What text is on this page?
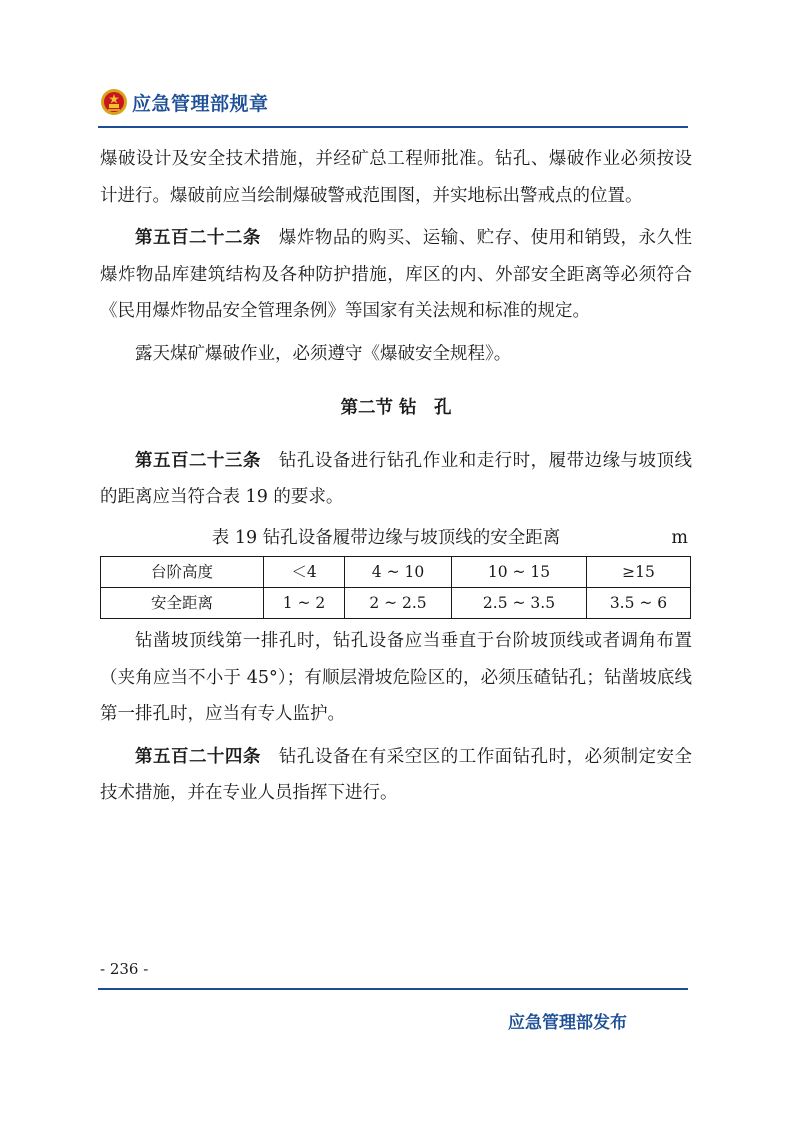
应急管理部规章

爆破设计及安全技术措施，并经矿总工程师批准。钻孔、爆破作业必须按设计进行。爆破前应当绘制爆破警戒范围图，并实地标出警戒点的位置。

第五百二十二条　 爆炸物品的购买、运输、贮存、使用和销毁，永久性爆炸物品库建筑结构及各种防护措施，库区的内、外部安全距离等必须符合《民用爆炸物品安全管理条例》等国家有关法规和标准的规定。

露天煤矿爆破作业，必须遵守《爆破安全规程》。

第二节 钻　孔

第五百二十三条　 钻孔设备进行钻孔作业和走行时，履带边缘与坡顶线的距离应当符合表 19 的要求。

表 19 钻孔设备履带边缘与坡顶线的安全距离	m
台阶高度	＜4	4 ~ 10	10 ~ 15	≥15
安全距离	1 ~ 2	2 ~ 2.5	2.5 ~ 3.5	3.5 ~ 6

钻凿坡顶线第一排孔时，钻孔设备应当垂直于台阶坡顶线或者调角布置（夹角应当不小于 45°）；有顺层滑坡危险区的，必须压碴钻孔；钻凿坡底线第一排孔时，应当有专人监护。

第五百二十四条　 钻孔设备在有采空区的工作面钻孔时，必须制定安全技术措施，并在专业人员指挥下进行。

- 236 -
应急管理部发布
